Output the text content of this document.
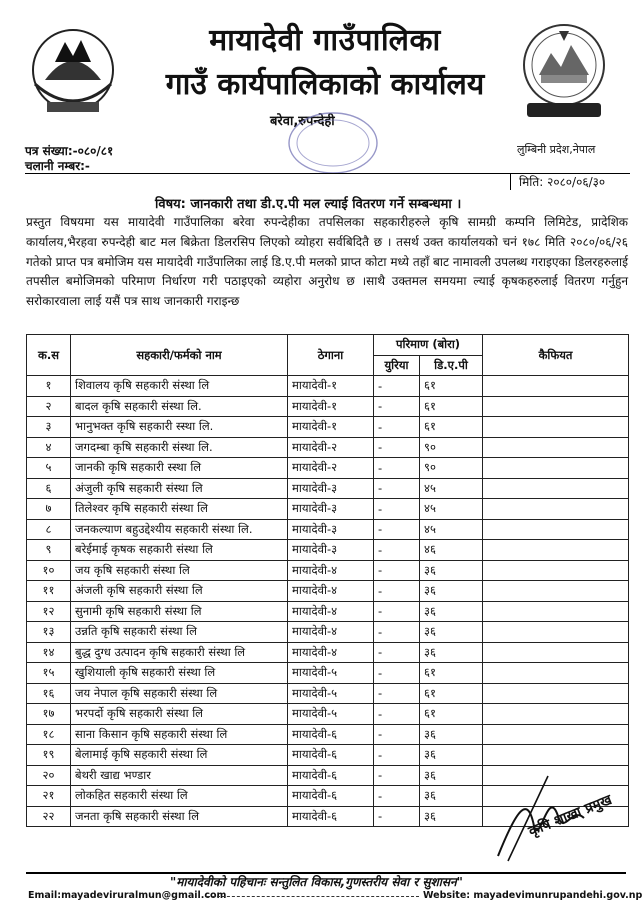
मायादेवी गाउँपालिका
गाउँ कार्यपालिकाको कार्यालय
बरेवा,रुपन्देही
लुम्बिनी प्रदेश,नेपाल
पत्र संख्या:-०८०/८१
चलानी नम्बर:-
मिति: २०८०/०६/३०
विषय: जानकारी तथा डी.ए.पी मल ल्याई वितरण गर्ने सम्बन्धमा ।
प्रस्तुत विषयमा यस मायादेवी गाउँपालिका बरेवा रुपन्देहीका तपसिलका सहकारीहरुले कृषि सामग्री कम्पनि लिमिटेड, प्रादेशिक कार्यालय,भैरहवा रुपन्देही बाट मल बिक्रेता डिलरसिप लिएको व्योहरा सर्वबिदितै छ । तसर्थ उक्त कार्यालयको चनं १७८ मिति २०८०/०६/२६ गतेको प्राप्त पत्र बमोजिम यस मायादेवी गाउँपालिका लाई डि.ए.पी मलको प्राप्त कोटा मध्ये तहाँ बाट नामावली उपलब्ध गराइएका डिलरहरुलाई तपसील बमोजिमको परिमाण निर्धारण गरी पठाइएको व्यहोरा अनुरोध छ ।साथै उक्तमल समयमा ल्याई कृषकहरुलाई वितरण गर्नुहुन सरोकारवाला लाई यसैं पत्र साथ जानकारी गराइन्छ
क.स	सहकारी/फर्मको नाम	ठेगाना	परिमाण (बोरा)		कैफियत
			युरिया	डि.ए.पी	
१	शिवालय कृषि सहकारी संस्था लि	मायादेवी-१	-	६१	
२	बादल कृषि सहकारी संस्था लि.	मायादेवी-१	-	६१	
३	भानुभक्त कृषि सहकारी स्स्था लि.	मायादेवी-१	-	६१	
४	जगदम्बा कृषि सहकारी संस्था लि.	मायादेवी-२	-	९०	
५	जानकी कृषि सहकारी स्स्था लि	मायादेवी-२	-	९०	
६	अंजुली कृषि सहकारी संस्था लि	मायादेवी-३	-	४५	
७	तिलेश्वर कृषि सहकारी संस्था लि	मायादेवी-३	-	४५	
८	जनकल्याण बहुउद्देश्यीय सहकारी संस्था लि.	मायादेवी-३	-	४५	
९	बरेईमाई कृषक सहकारी संस्था लि	मायादेवी-३	-	४६	
१०	जय कृषि सहकारी संस्था लि	मायादेवी-४	-	३६	
११	अंजली कृषि सहकारी संस्था लि	मायादेवी-४	-	३६	
१२	सुनामी कृषि सहकारी संस्था लि	मायादेवी-४	-	३६	
१३	उन्नति कृषि सहकारी संस्था लि	मायादेवी-४	-	३६	
१४	बुद्ध दुग्ध उत्पादन कृषि सहकारी संस्था लि	मायादेवी-४	-	३६	
१५	खुशियाली कृषि सहकारी संस्था लि	मायादेवी-५	-	६१	
१६	जय नेपाल कृषि सहकारी संस्था लि	मायादेवी-५	-	६१	
१७	भरपर्दो कृषि सहकारी संस्था लि	मायादेवी-५	-	६१	
१८	साना किसान कृषि सहकारी संस्था लि	मायादेवी-६	-	३६	
१९	बेलामाई कृषि सहकारी संस्था लि	मायादेवी-६	-	३६	
२०	बेथरी खाद्य भण्डार	मायादेवी-६	-	३६	
२१	लोकहित सहकारी संस्था लि	मायादेवी-६	-	३६	
२२	जनता कृषि सहकारी संस्था लि	मायादेवी-६	-	३६		कृषि शाखा प्रमुख
"मायादेवीको पहिचानः सन्तुलित विकास,गुणस्तरीय सेवा र सुशासन"
Email:mayadeviruralmun@gmail.com	Website: mayadevimunrupandehi.gov.np
